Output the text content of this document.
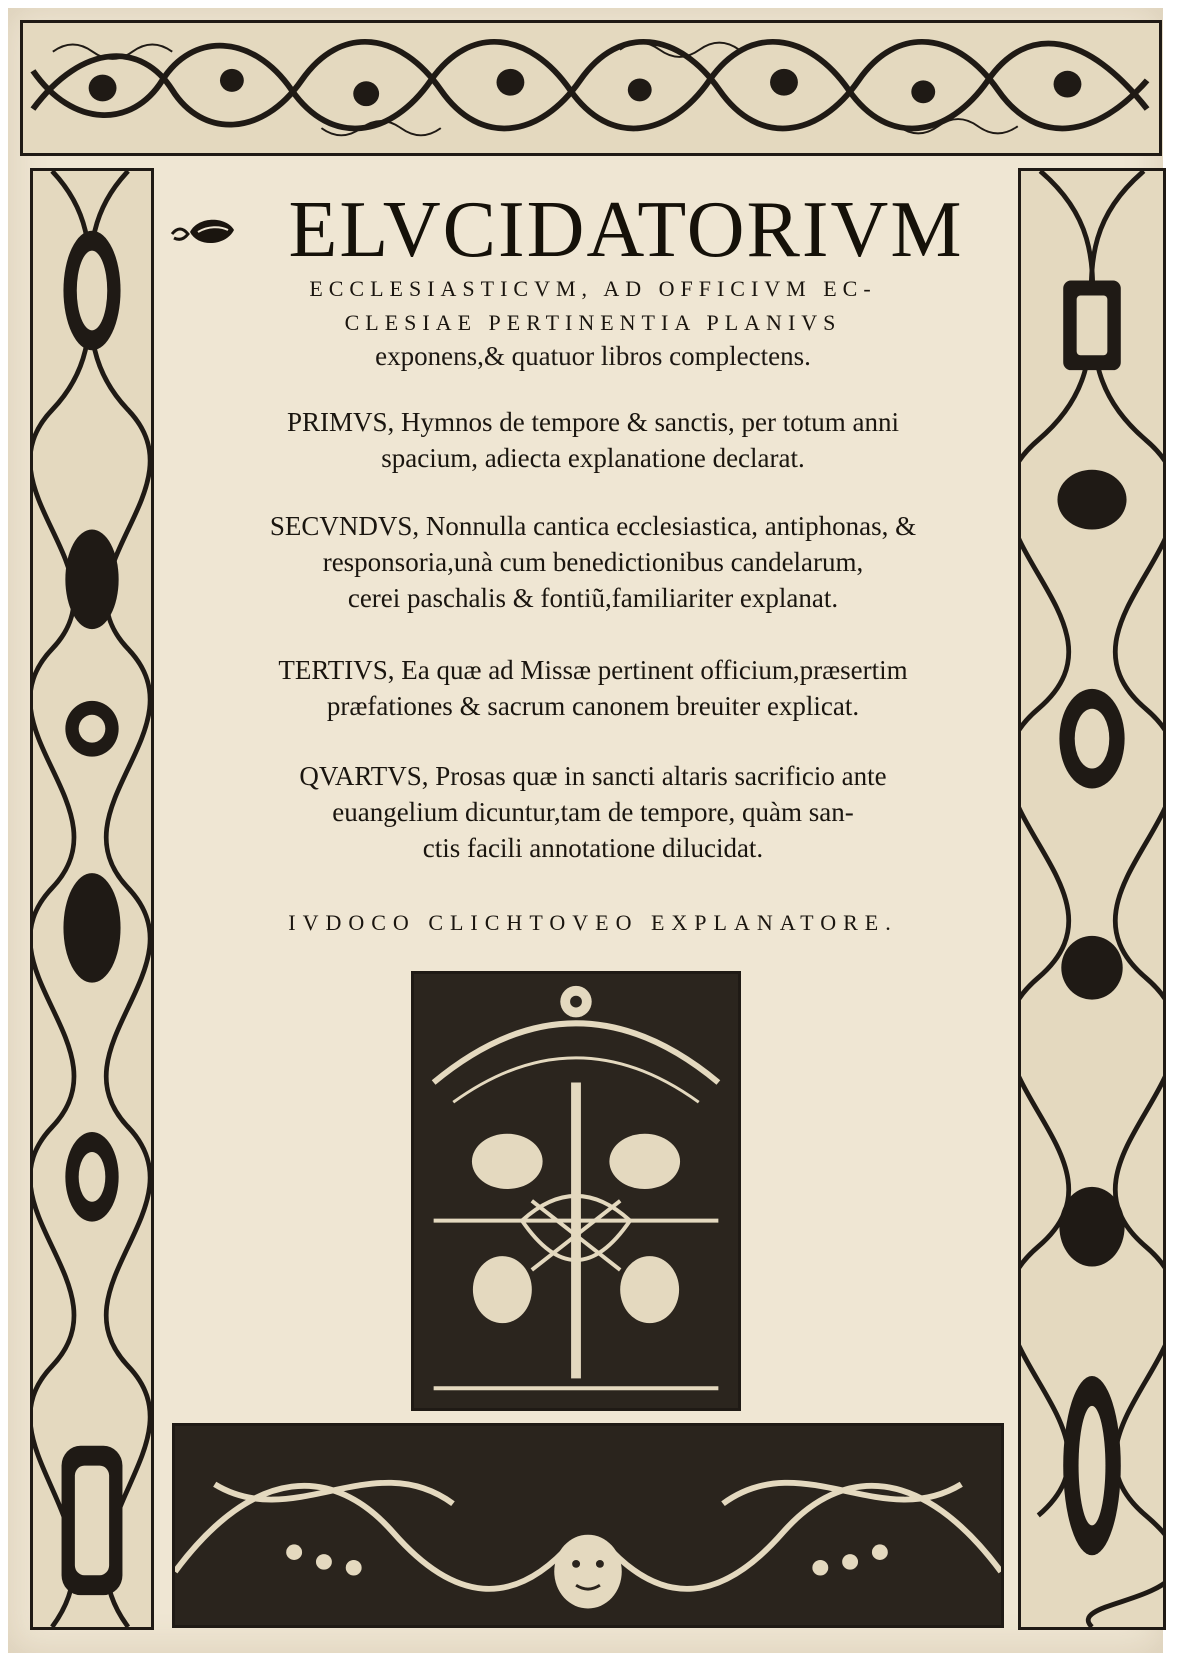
ELVCIDATORIVM
ECCLESIASTICVM, AD OFFICIVM EC-
CLESIAE PERTINENTIA PLANIVS
exponens,& quatuor libros complectens.

PRIMVS, Hymnos de tempore & sanctis, per totum anni

spacium, adiecta explanatione declarat.

SECVNDVS, Nonnulla cantica ecclesiastica, antiphonas, &

responsoria,unà cum benedictionibus candelarum,

cerei paschalis & fontiũ,familiariter explanat.

TERTIVS, Ea quæ ad Missæ pertinent officium,præsertim

præfationes & sacrum canonem breuiter explicat.

QVARTVS, Prosas quæ in sancti altaris sacrificio ante

euangelium dicuntur,tam de tempore, quàm san-

ctis facili annotatione dilucidat.

IVDOCO CLICHTOVEO EXPLANATORE.
